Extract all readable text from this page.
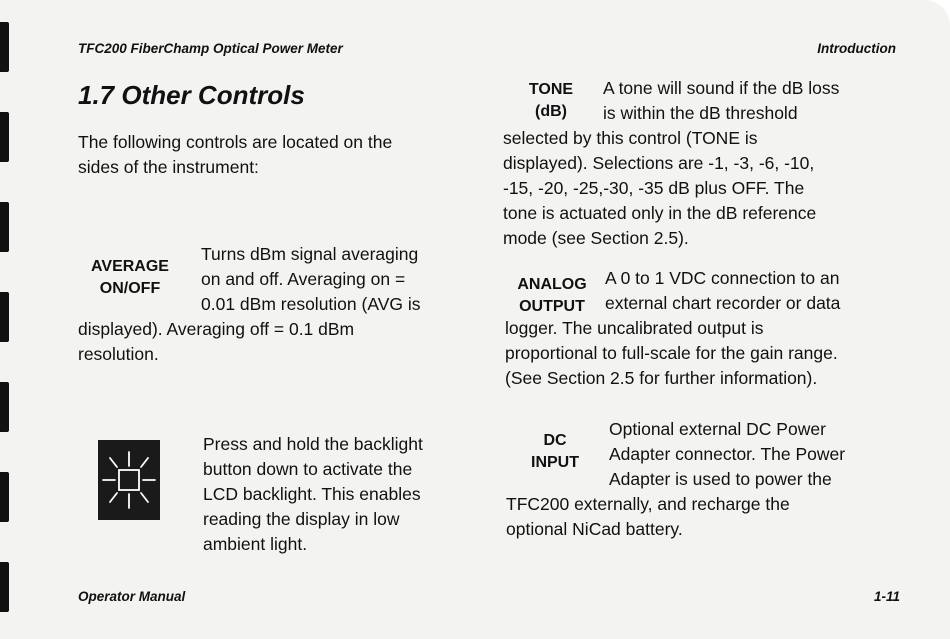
TFC200 FiberChamp Optical Power Meter	Introduction
1.7 Other Controls
The following controls are located on the
sides of the instrument:
AVERAGE
ON/OFF
Turns dBm signal averaging
on and off. Averaging on =
0.01 dBm resolution (AVG is
displayed). Averaging off = 0.1 dBm
resolution.
Press and hold the backlight
button down to activate the
LCD backlight. This enables
reading the display in low
ambient light.
TONE
(dB)
A tone will sound if the dB loss
is within the dB threshold
selected by this control (TONE is
displayed). Selections are -1, -3, -6, -10,
-15, -20, -25,-30, -35 dB plus OFF. The
tone is actuated only in the dB reference
mode (see Section 2.5).
ANALOG
OUTPUT
A 0 to 1 VDC connection to an
external chart recorder or data
logger. The uncalibrated output is
proportional to full-scale for the gain range.
(See Section 2.5 for further information).
DC
INPUT
Optional external DC Power
Adapter connector. The Power
Adapter is used to power the
TFC200 externally, and recharge the
optional NiCad battery.
Operator Manual	1-11
